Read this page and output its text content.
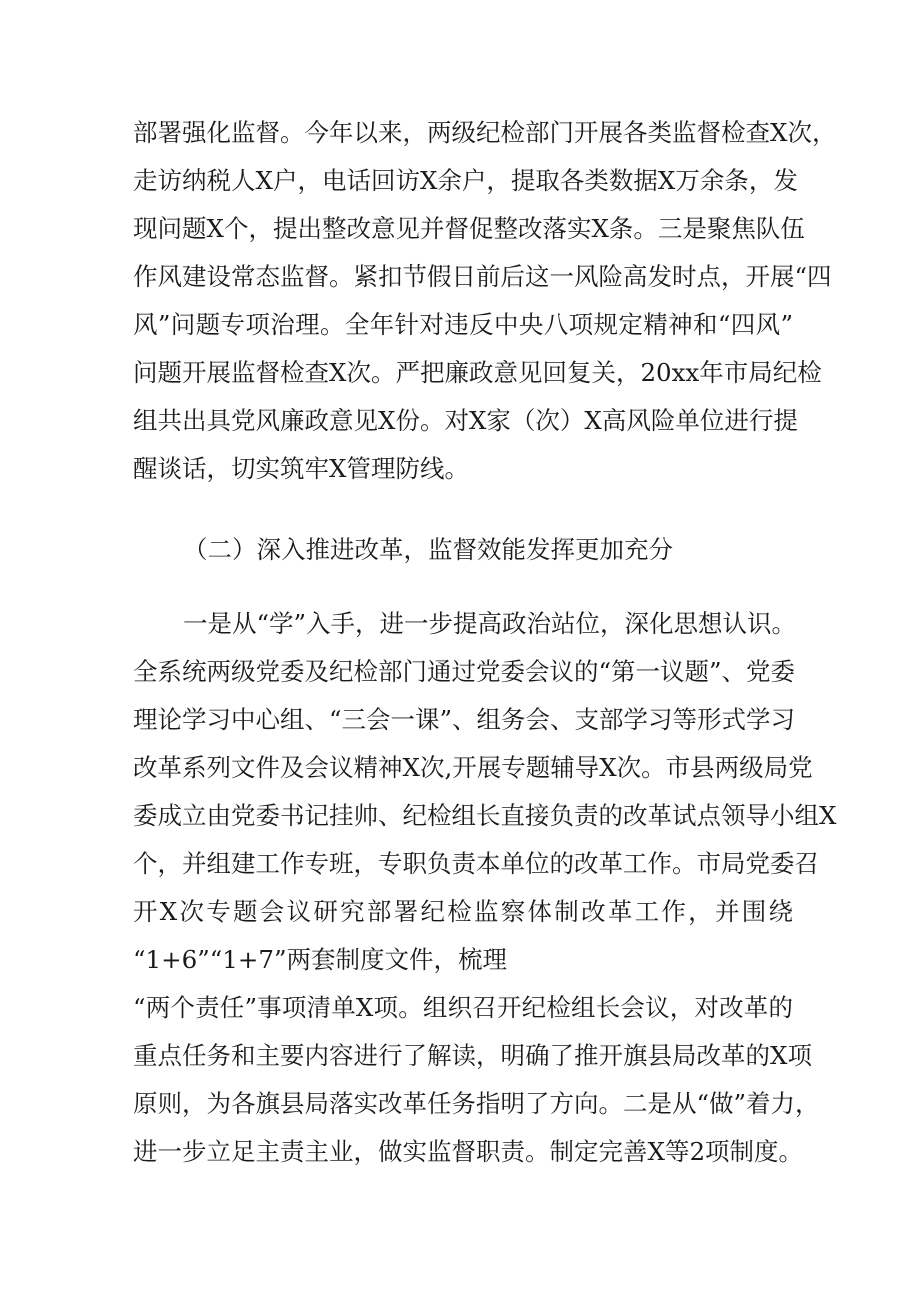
部署强化监督。今年以来，两级纪检部门开展各类监督检查X次，
走访纳税人X户，电话回访X余户，提取各类数据X万余条，发
现问题X个，提出整改意见并督促整改落实X条。三是聚焦队伍
作风建设常态监督。紧扣节假日前后这一风险高发时点，开展“四
风”问题专项治理。全年针对违反中央八项规定精神和“四风”
问题开展监督检查X次。严把廉政意见回复关，20xx年市局纪检
组共出具党风廉政意见X份。对X家（次）X高风险单位进行提
醒谈话，切实筑牢X管理防线。
（二）深入推进改革，监督效能发挥更加充分
一是从“学”入手，进一步提高政治站位，深化思想认识。
全系统两级党委及纪检部门通过党委会议的“第一议题”、党委
理论学习中心组、“三会一课”、组务会、支部学习等形式学习
改革系列文件及会议精神X次,开展专题辅导X次。市县两级局党
委成立由党委书记挂帅、纪检组长直接负责的改革试点领导小组X
个，并组建工作专班，专职负责本单位的改革工作。市局党委召
开X次专题会议研究部署纪检监察体制改革工作，并围绕
“1+6”“1+7”两套制度文件，梳理
“两个责任”事项清单X项。组织召开纪检组长会议，对改革的
重点任务和主要内容进行了解读，明确了推开旗县局改革的X项
原则，为各旗县局落实改革任务指明了方向。二是从“做”着力，
进一步立足主责主业，做实监督职责。制定完善X等2项制度。
